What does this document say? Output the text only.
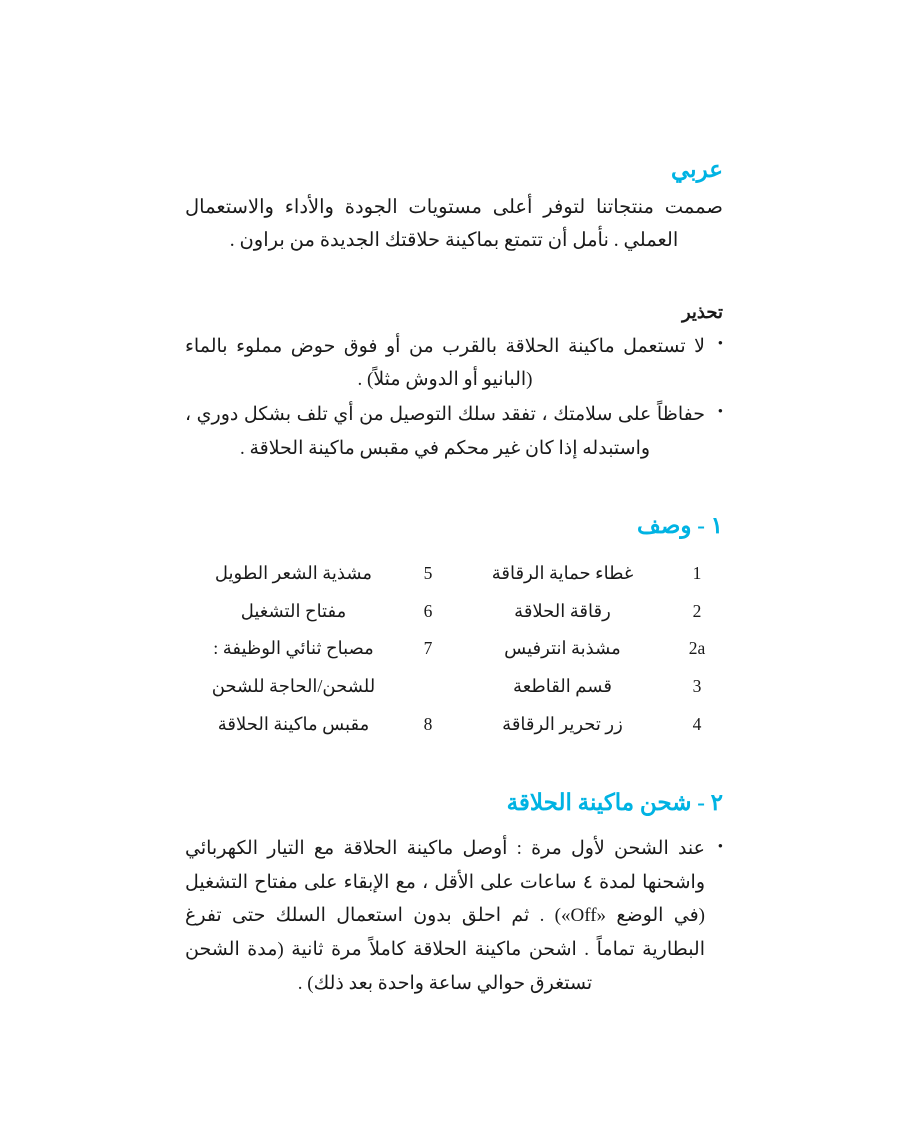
عربي

صممت منتجاتنا لتوفر أعلى مستويات الجودة والأداء والاستعمال العملي . نأمل أن تتمتع بماكينة حلاقتك الجديدة من براون .

تحذير
• لا تستعمل ماكينة الحلاقة بالقرب من أو فوق حوض مملوء بالماء (البانيو أو الدوش مثلاً) .
• حفاظاً على سلامتك ، تفقد سلك التوصيل من أي تلف بشكل دوري ، واستبدله إذا كان غير محكم في مقبس ماكينة الحلاقة .
١ - وصف
1
غطاء حماية الرقاقة
2
رقاقة الحلاقة
2a
مشذبة انترفيس
3
قسم القاطعة
4
زر تحرير الرقاقة
5
مشذية الشعر الطويل
6
مفتاح التشغيل
7
مصباح ثنائي الوظيفة :
للشحن/الحاجة للشحن
8
مقبس ماكينة الحلاقة
٢ - شحن ماكينة الحلاقة

• عند الشحن لأول مرة : أوصل ماكينة الحلاقة مع التيار الكهربائي واشحنها لمدة ٤ ساعات على الأقل ، مع الإبقاء على مفتاح التشغيل (في الوضع «Off») . ثم احلق بدون استعمال السلك حتى تفرغ البطارية تماماً . اشحن ماكينة الحلاقة كاملاً مرة ثانية (مدة الشحن تستغرق حوالي ساعة واحدة بعد ذلك) .
